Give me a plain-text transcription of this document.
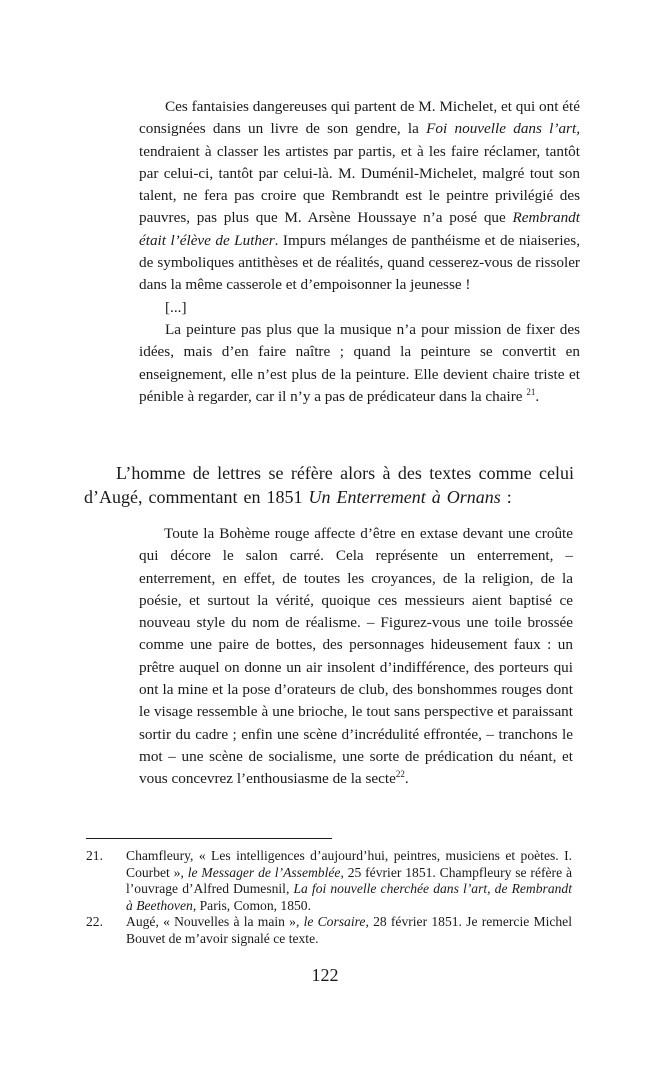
Ces fantaisies dangereuses qui partent de M. Michelet, et qui ont été consignées dans un livre de son gendre, la Foi nouvelle dans l’art, tendraient à classer les artistes par partis, et à les faire réclamer, tantôt par celui-ci, tantôt par celui-là. M. Duménil-Michelet, malgré tout son talent, ne fera pas croire que Rembrandt est le peintre privilégié des pauvres, pas plus que M. Arsène Houssaye n’a posé que Rembrandt était l’élève de Luther. Impurs mélanges de panthéisme et de niaiseries, de symboliques antithèses et de réalités, quand cesserez-vous de rissoler dans la même casserole et d’empoisonner la jeunesse !

[...]

La peinture pas plus que la musique n’a pour mission de fixer des idées, mais d’en faire naître ; quand la peinture se convertit en enseignement, elle n’est plus de la peinture. Elle devient chaire triste et pénible à regarder, car il n’y a pas de prédicateur dans la chaire $^{21}$.

L’homme de lettres se réfère alors à des textes comme celui d’Augé, commentant en 1851 Un Enterrement à Ornans :

Toute la Bohème rouge affecte d’être en extase devant une croûte qui décore le salon carré. Cela représente un enterrement, – enterrement, en effet, de toutes les croyances, de la religion, de la poésie, et surtout la vérité, quoique ces messieurs aient baptisé ce nouveau style du nom de réalisme. – Figurez-vous une toile brossée comme une paire de bottes, des personnages hideusement faux : un prêtre auquel on donne un air insolent d’indifférence, des porteurs qui ont la mine et la pose d’orateurs de club, des bonshommes rouges dont le visage ressemble à une brioche, le tout sans perspective et paraissant sortir du cadre ; enfin une scène d’incrédulité effrontée, – tranchons le mot – une scène de socialisme, une sorte de prédication du néant, et vous concevrez l’enthousiasme de la secte$^{22}$.

21. Chamfleury, « Les intelligences d’aujourd’hui, peintres, musiciens et poètes. I. Courbet », le Messager de l’Assemblée, 25 février 1851. Champfleury se réfère à l’ouvrage d’Alfred Dumesnil, La foi nouvelle cherchée dans l’art, de Rembrandt à Beethoven, Paris, Comon, 1850.

22. Augé, « Nouvelles à la main », le Corsaire, 28 février 1851. Je remercie Michel Bouvet de m’avoir signalé ce texte.

122
